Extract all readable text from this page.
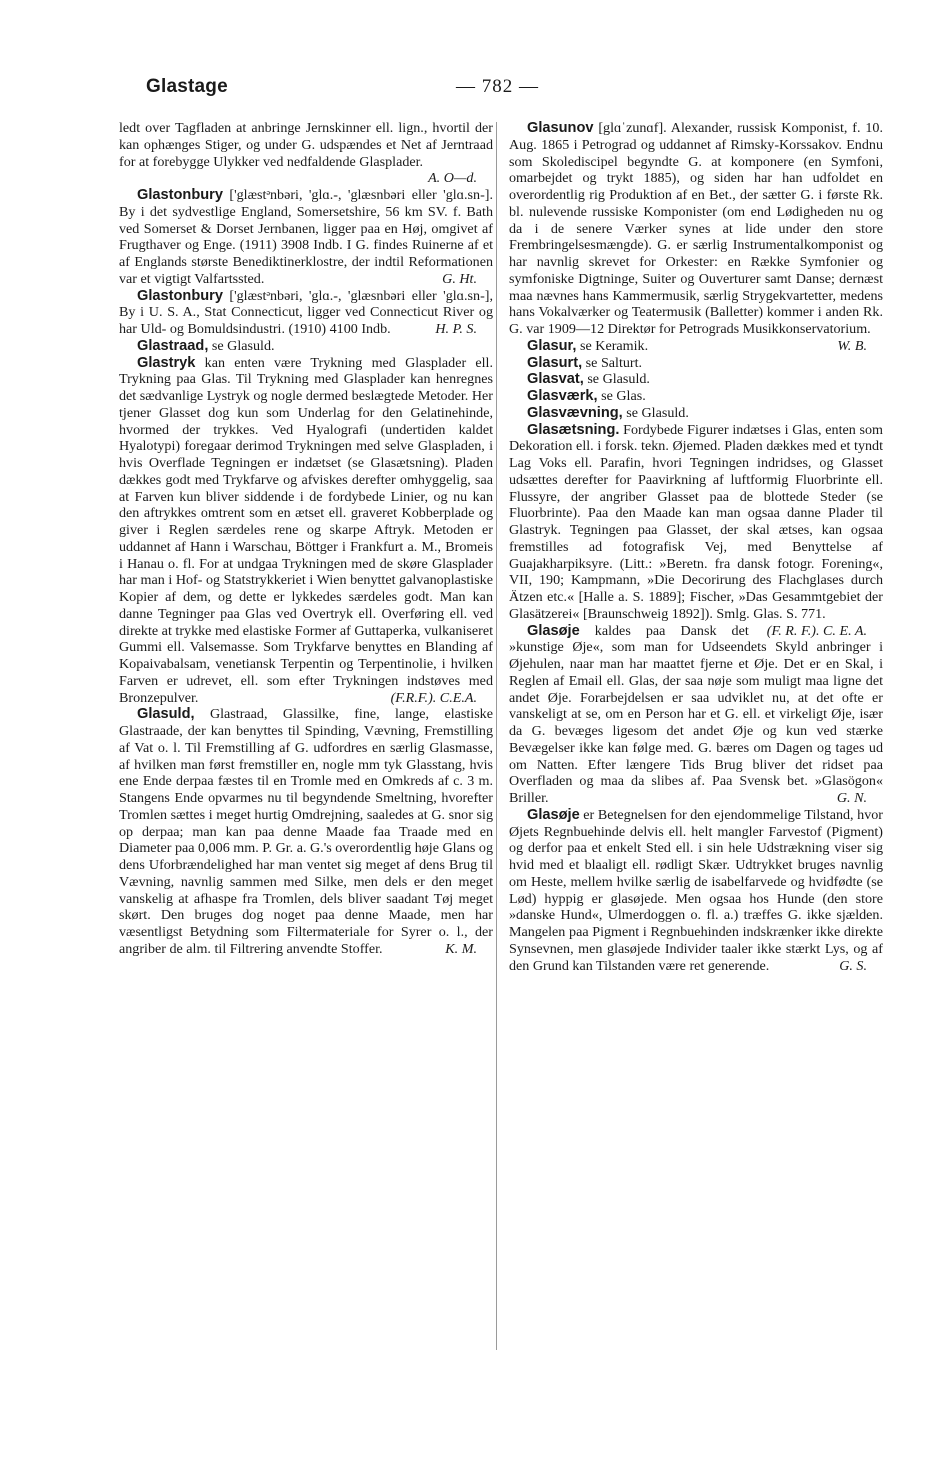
Glastage	— 782 —

ledt over Tagfladen at anbringe Jernskinner ell. lign., hvortil der kan ophænges Stiger, og under G. udspændes et Net af Jerntraad for at forebygge Ulykker ved nedfaldende Glasplader.
A. O—d.

Glastonbury ['glæstᵊnbəri, 'glɑ.-, 'glæsnbəri eller 'glɑ.sn-]. By i det sydvestlige England, Somersetshire, 56 km SV. f. Bath ved Somerset & Dorset Jernbanen, ligger paa en Høj, omgivet af Frugthaver og Enge. (1911) 3908 Indb. I G. findes Ruinerne af et af Englands største Benediktinerklostre, der indtil Reformationen var et vigtigt Valfartssted.	G. Ht.

Glastonbury ['glæstᵊnbəri, 'glɑ.-, 'glæsnbəri eller 'glɑ.sn-], By i U. S. A., Stat Connecticut, ligger ved Connecticut River og har Uld- og Bomuldsindustri. (1910) 4100 Indb.	H. P. S.

Glastraad, se Glasuld.

Glastryk kan enten være Trykning med Glasplader ell. Trykning paa Glas. Til Trykning med Glasplader kan henregnes det sædvanlige Lystryk og nogle dermed beslægtede Metoder. Her tjener Glasset dog kun som Underlag for den Gelatinehinde, hvormed der trykkes. Ved Hyalografi (undertiden kaldet Hyalotypi) foregaar derimod Trykningen med selve Glaspladen, i hvis Overflade Tegningen er indætset (se Glasætsning). Pladen dækkes godt med Trykfarve og afviskes derefter omhyggelig, saa at Farven kun bliver siddende i de fordybede Linier, og nu kan den aftrykkes omtrent som en ætset ell. graveret Kobberplade og giver i Reglen særdeles rene og skarpe Aftryk. Metoden er uddannet af Hann i Warschau, Böttger i Frankfurt a. M., Bromeis i Hanau o. fl. For at undgaa Trykningen med de skøre Glasplader har man i Hof- og Statstrykkeriet i Wien benyttet galvanoplastiske Kopier af dem, og dette er lykkedes særdeles godt. Man kan danne Tegninger paa Glas ved Overtryk ell. Overføring ell. ved direkte at trykke med elastiske Former af Guttaperka, vulkaniseret Gummi ell. Valsemasse. Som Trykfarve benyttes en Blanding af Kopaivabalsam, venetiansk Terpentin og Terpentinolie, i hvilken Farven er udrevet, ell. som efter Trykningen indstøves med Bronzepulver.	(F.R.F.). C.E.A.

Glasuld, Glastraad, Glassilke, fine, lange, elastiske Glastraade, der kan benyttes til Spinding, Vævning, Fremstilling af Vat o. l. Til Fremstilling af G. udfordres en særlig Glasmasse, af hvilken man først fremstiller en, nogle mm tyk Glasstang, hvis ene Ende derpaa fæstes til en Tromle med en Omkreds af c. 3 m. Stangens Ende opvarmes nu til begyndende Smeltning, hvorefter Tromlen sættes i meget hurtig Omdrejning, saaledes at G. snor sig op derpaa; man kan paa denne Maade faa Traade med en Diameter paa 0,006 mm. P. Gr. a. G.'s overordentlig høje Glans og dens Uforbrændelighed har man ventet sig meget af dens Brug til Vævning, navnlig sammen med Silke, men dels er den meget vanskelig at afhaspe fra Tromlen, dels bliver saadant Tøj meget skørt. Den bruges dog noget paa denne Maade, men har væsentligst Betydning som Filtermateriale for Syrer o. l., der angriber de alm. til Filtrering anvendte Stoffer.	K. M.

Glasunov [glɑˈzunɑf]. Alexander, russisk Komponist, f. 10. Aug. 1865 i Petrograd og uddannet af Rimsky-Korssakov. Endnu som Skolediscipel begyndte G. at komponere (en Symfoni, omarbejdet og trykt 1885), og siden har han udfoldet en overordentlig rig Produktion af en Bet., der sætter G. i første Rk. bl. nulevende russiske Komponister (om end Lødigheden nu og da i de senere Værker synes at lide under den store Frembringelsesmængde). G. er særlig Instrumentalkomponist og har navnlig skrevet for Orkester: en Række Symfonier og symfoniske Digtninge, Suiter og Ouverturer samt Danse; dernæst maa nævnes hans Kammermusik, særlig Strygekvartetter, medens hans Vokalværker og Teatermusik (Balletter) kommer i anden Rk. G. var 1909—12 Direktør for Petrograds Musikkonservatorium.
W. B.

Glasur, se Keramik.

Glasurt, se Salturt.

Glasvat, se Glasuld.

Glasværk, se Glas.

Glasvævning, se Glasuld.

Glasætsning. Fordybede Figurer indætses i Glas, enten som Dekoration ell. i forsk. tekn. Øjemed. Pladen dækkes med et tyndt Lag Voks ell. Parafin, hvori Tegningen indridses, og Glasset udsættes derefter for Paavirkning af luftformig Fluorbrinte ell. Flussyre, der angriber Glasset paa de blottede Steder (se Fluorbrinte). Paa den Maade kan man ogsaa danne Plader til Glastryk. Tegningen paa Glasset, der skal ætses, kan ogsaa fremstilles ad fotografisk Vej, med Benyttelse af Guajakharpiksyre. (Litt.: »Beretn. fra dansk fotogr. Forening«, VII, 190; Kampmann, »Die Decorirung des Flachglases durch Ätzen etc.« [Halle a. S. 1889]; Fischer, »Das Gesammtgebiet der Glasätzerei« [Braunschweig 1892]). Smlg. Glas. S. 771.
(F. R. F.). C. E. A.

Glasøje kaldes paa Dansk det »kunstige Øje«, som man for Udseendets Skyld anbringer i Øjehulen, naar man har maattet fjerne et Øje. Det er en Skal, i Reglen af Email ell. Glas, der saa nøje som muligt maa ligne det andet Øje. Forarbejdelsen er saa udviklet nu, at det ofte er vanskeligt at se, om en Person har et G. ell. et virkeligt Øje, især da G. bevæges ligesom det andet Øje og kun ved stærke Bevægelser ikke kan følge med. G. bæres om Dagen og tages ud om Natten. Efter længere Tids Brug bliver det ridset paa Overfladen og maa da slibes af. Paa Svensk bet. »Glasögon« Briller.	G. N.

Glasøje er Betegnelsen for den ejendommelige Tilstand, hvor Øjets Regnbuehinde delvis ell. helt mangler Farvestof (Pigment) og derfor paa et enkelt Sted ell. i sin hele Udstrækning viser sig hvid med et blaaligt ell. rødligt Skær. Udtrykket bruges navnlig om Heste, mellem hvilke særlig de isabelfarvede og hvidfødte (se Lød) hyppig er glasøjede. Men ogsaa hos Hunde (den store »danske Hund«, Ulmerdoggen o. fl. a.) træffes G. ikke sjælden. Mangelen paa Pigment i Regnbuehinden indskrænker ikke direkte Synsevnen, men glasøjede Individer taaler ikke stærkt Lys, og af den Grund kan Tilstanden være ret generende.	G. S.
